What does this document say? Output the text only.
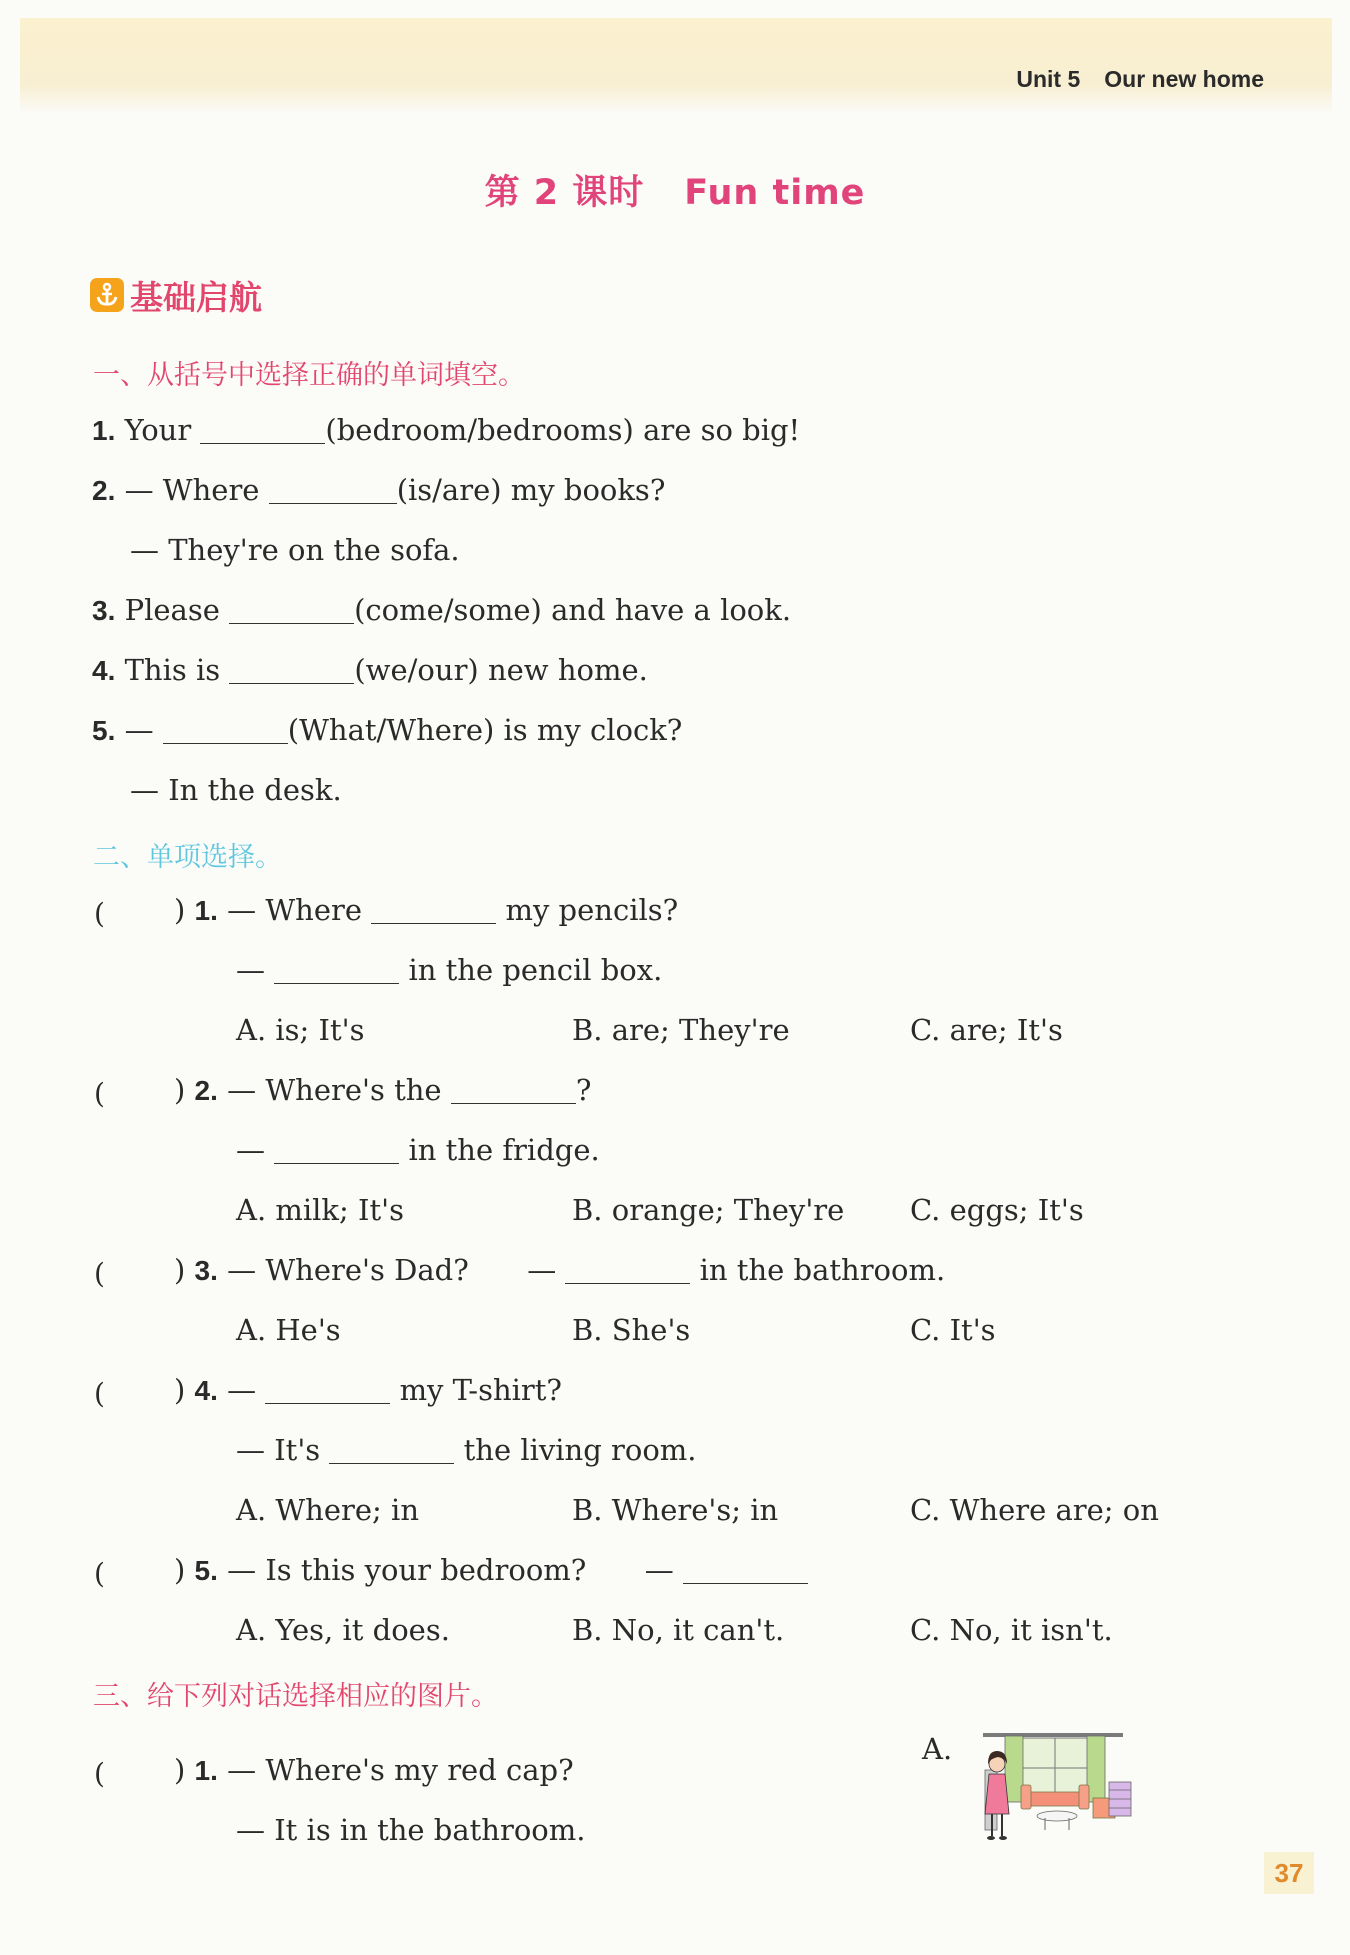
Unit 5 Our new home
第 2 课时 Fun time
基础启航
一、从括号中选择正确的单词填空。
1. Your	(bedroom/bedrooms) are so big!
2. — Where	(is/are) my books?
— They're on the sofa.
3. Please	(come/some) and have a look.
4. This is	(we/our) new home.
5. —	(What/Where) is my clock?
— In the desk.
二、单项选择。
( ) 1. — Where	my pencils?
—	in the pencil box.
A. is; It's	B. are; They're	C. are; It's
( ) 2. — Where's the	?
—	in the fridge.
A. milk; It's	B. orange; They're C. eggs; It's
( ) 3. — Where's Dad? —	in the bathroom.
A. He's	B. She's	C. It's
( ) 4. —	my T-shirt?
— It's	the living room.
A. Where; in	B. Where's; in	C. Where are; on
( ) 5. — Is this your bedroom? —
A. Yes, it does.	B. No, it can't.	C. No, it isn't.
三、给下列对话选择相应的图片。
( ) 1. — Where's my red cap?
— It is in the bathroom.
A.
37
